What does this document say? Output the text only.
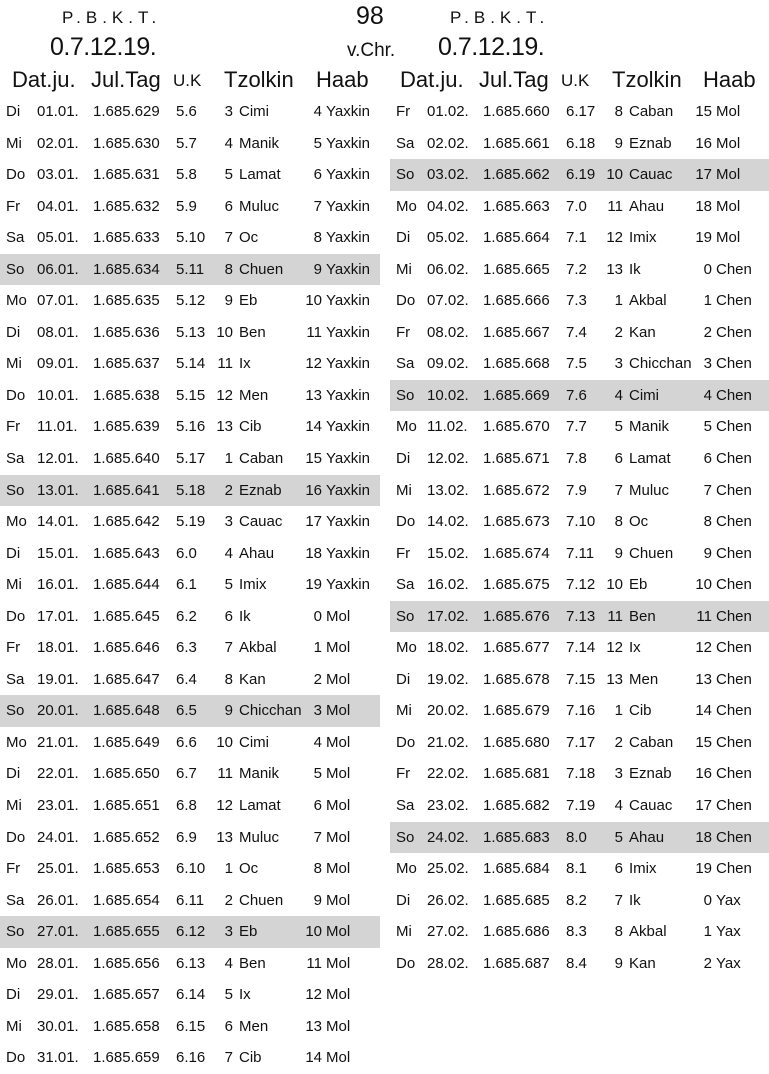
98
v.Chr.
P.B.K.T.
0.7.12.19.
Dat.ju. Jul.Tag U.K Tzolkin Haab
Di 01.01. 1.685.629 5.6 3 Cimi	4 Yaxkin
Mi 02.01. 1.685.630 5.7 4 Manik 5 Yaxkin
Do 03.01. 1.685.631 5.8 5 Lamat 6 Yaxkin
Fr 04.01. 1.685.632 5.9 6 Muluc 7 Yaxkin
Sa 05.01. 1.685.633 5.10 7 Oc	8 Yaxkin
So 06.01. 1.685.634 5.11 8 Chuen 9 Yaxkin
Mo 07.01. 1.685.635 5.12 9 Eb	10 Yaxkin
Di 08.01. 1.685.636 5.13 10 Ben	11 Yaxkin
Mi 09.01. 1.685.637 5.14 11 Ix	12 Yaxkin
Do 10.01. 1.685.638 5.15 12 Men 13 Yaxkin
Fr 11.01. 1.685.639 5.16 13 Cib	14 Yaxkin
Sa 12.01. 1.685.640 5.17 1 Caban 15 Yaxkin
So 13.01. 1.685.641 5.18 2 Eznab 16 Yaxkin
Mo 14.01. 1.685.642 5.19 3 Cauac 17 Yaxkin
Di 15.01. 1.685.643 6.0 4 Ahau 18 Yaxkin
Mi 16.01. 1.685.644 6.1 5 Imix	19 Yaxkin
Do 17.01. 1.685.645 6.2 6 Ik	0 Mol
Fr 18.01. 1.685.646 6.3 7 Akbal 1 Mol
Sa 19.01. 1.685.647 6.4 8 Kan	2 Mol
So 20.01. 1.685.648 6.5 9 Chicchan 3 Mol
Mo 21.01. 1.685.649 6.6 10 Cimi	4 Mol
Di 22.01. 1.685.650 6.7 11 Manik 5 Mol
Mi 23.01. 1.685.651 6.8 12 Lamat 6 Mol
Do 24.01. 1.685.652 6.9 13 Muluc 7 Mol
Fr 25.01. 1.685.653 6.10 1 Oc	8 Mol
Sa 26.01. 1.685.654 6.11 2 Chuen 9 Mol
So 27.01. 1.685.655 6.12 3 Eb	10 Mol
Mo 28.01. 1.685.656 6.13 4 Ben	11 Mol
Di 29.01. 1.685.657 6.14 5 Ix	12 Mol
Mi 30.01. 1.685.658 6.15 6 Men 13 Mol
Do 31.01. 1.685.659 6.16 7 Cib	14 Mol
P.B.K.T.
0.7.12.19.
Dat.ju. Jul.Tag U.K Tzolkin Haab
Fr 01.02. 1.685.660 6.17 8 Caban 15 Mol
Sa 02.02. 1.685.661 6.18 9 Eznab 16 Mol
So 03.02. 1.685.662 6.19 10 Cauac 17 Mol
Mo 04.02. 1.685.663 7.0 11 Ahau 18 Mol
Di 05.02. 1.685.664 7.1 12 Imix	19 Mol
Mi 06.02. 1.685.665 7.2 13 Ik	0 Chen
Do 07.02. 1.685.666 7.3 1 Akbal 1 Chen
Fr 08.02. 1.685.667 7.4 2 Kan	2 Chen
Sa 09.02. 1.685.668 7.5 3 Chicchan 3 Chen
So 10.02. 1.685.669 7.6 4 Cimi	4 Chen
Mo 11.02. 1.685.670 7.7 5 Manik 5 Chen
Di 12.02. 1.685.671 7.8 6 Lamat 6 Chen
Mi 13.02. 1.685.672 7.9 7 Muluc 7 Chen
Do 14.02. 1.685.673 7.10 8 Oc	8 Chen
Fr 15.02. 1.685.674 7.11 9 Chuen 9 Chen
Sa 16.02. 1.685.675 7.12 10 Eb	10 Chen
So 17.02. 1.685.676 7.13 11 Ben	11 Chen
Mo 18.02. 1.685.677 7.14 12 Ix	12 Chen
Di 19.02. 1.685.678 7.15 13 Men 13 Chen
Mi 20.02. 1.685.679 7.16 1 Cib	14 Chen
Do 21.02. 1.685.680 7.17 2 Caban 15 Chen
Fr 22.02. 1.685.681 7.18 3 Eznab 16 Chen
Sa 23.02. 1.685.682 7.19 4 Cauac 17 Chen
So 24.02. 1.685.683 8.0 5 Ahau 18 Chen
Mo 25.02. 1.685.684 8.1 6 Imix	19 Chen
Di 26.02. 1.685.685 8.2 7 Ik	0 Yax
Mi 27.02. 1.685.686 8.3 8 Akbal 1 Yax
Do 28.02. 1.685.687 8.4 9 Kan	2 Yax
